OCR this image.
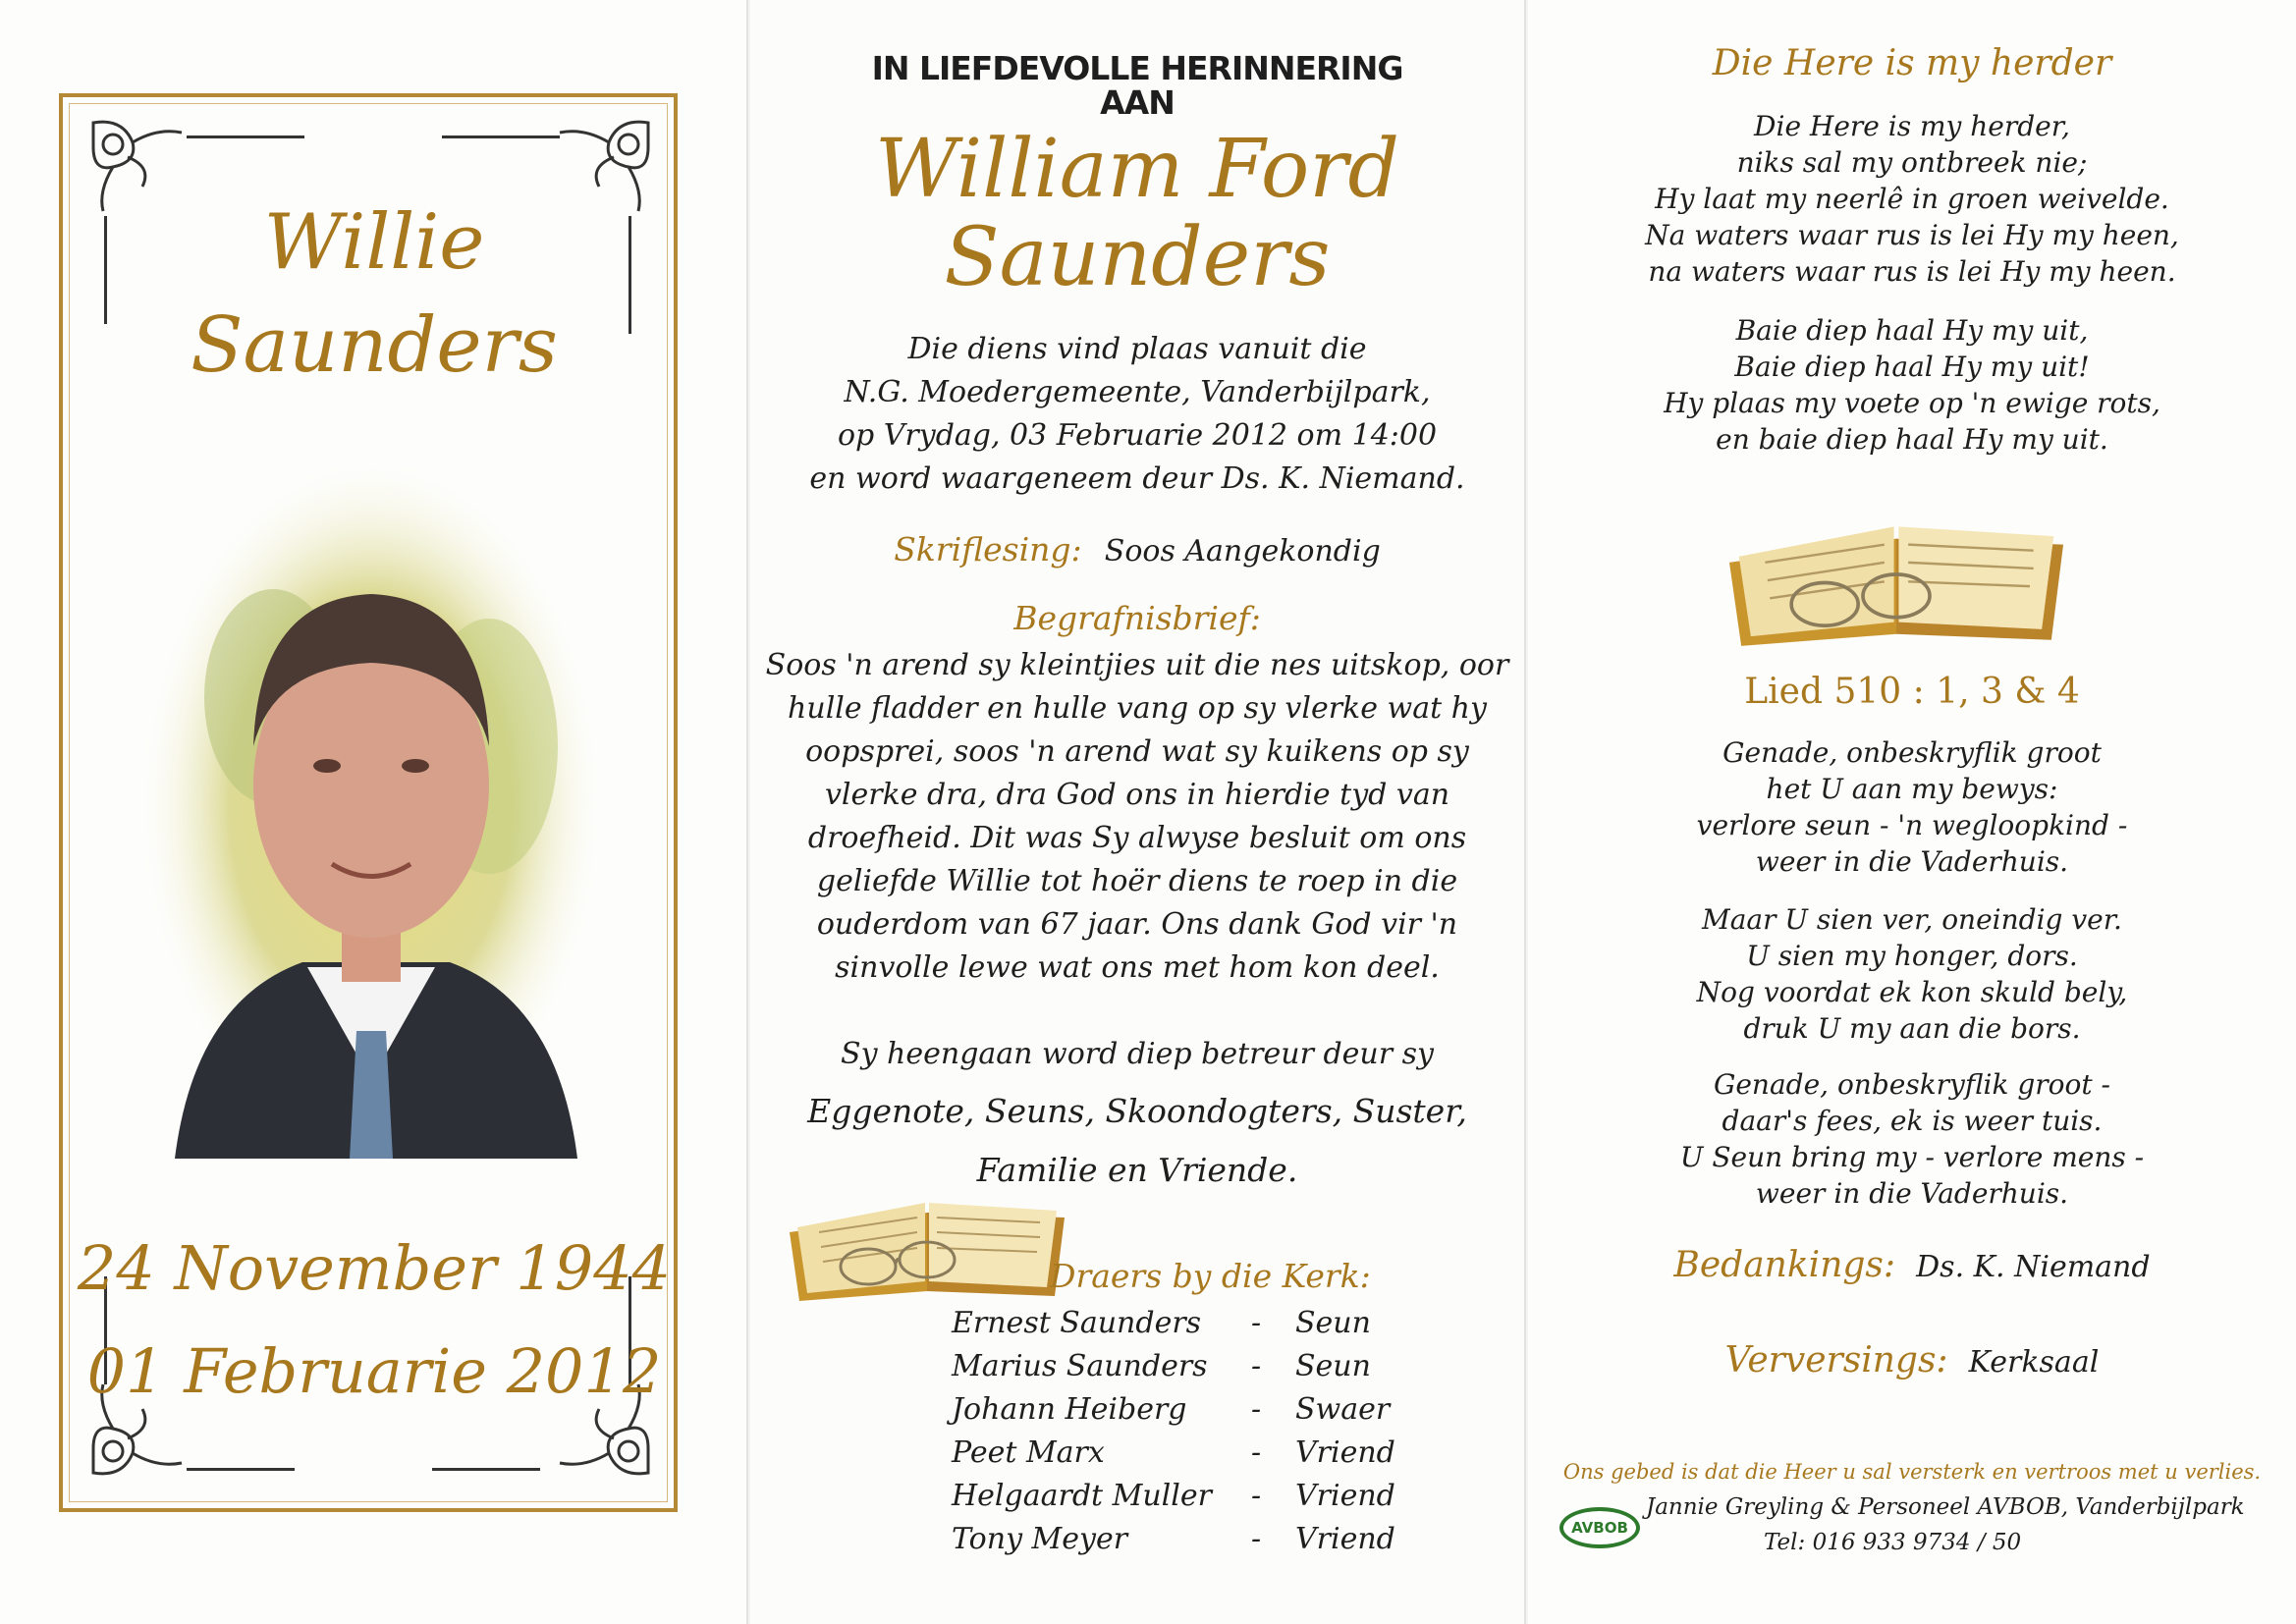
Willie
Saunders
24 November 1944
01 Februarie 2012
IN LIEFDEVOLLE HERINNERING
AAN
William Ford
Saunders
Die diens vind plaas vanuit die
N.G. Moedergemeente, Vanderbijlpark,
op Vrydag, 03 Februarie 2012 om 14:00
en word waargeneem deur Ds. K. Niemand.
Skriflesing: Soos Aangekondig
Begrafnisbrief:
Soos 'n arend sy kleintjies uit die nes uitskop, oor
hulle fladder en hulle vang op sy vlerke wat hy
oopsprei, soos 'n arend wat sy kuikens op sy
vlerke dra, dra God ons in hierdie tyd van
droefheid. Dit was Sy alwyse besluit om ons
geliefde Willie tot hoër diens te roep in die
ouderdom van 67 jaar. Ons dank God vir 'n
sinvolle lewe wat ons met hom kon deel.
Sy heengaan word diep betreur deur sy
Eggenote, Seuns, Skoondogters, Suster,
Familie en Vriende.
Draers by die Kerk:
Ernest Saunders - Seun
Marius Saunders - Seun
Johann Heiberg - Swaer
Peet Marx	- Vriend
Helgaardt Muller - Vriend
Tony Meyer	- Vriend
Die Here is my herder
Die Here is my herder,
niks sal my ontbreek nie;
Hy laat my neerlê in groen weivelde.
Na waters waar rus is lei Hy my heen,
na waters waar rus is lei Hy my heen.
Baie diep haal Hy my uit,
Baie diep haal Hy my uit!
Hy plaas my voete op 'n ewige rots,
en baie diep haal Hy my uit.
Lied 510 : 1, 3 & 4
Genade, onbeskryflik groot
het U aan my bewys:
verlore seun - 'n wegloopkind -
weer in die Vaderhuis.
Maar U sien ver, oneindig ver.
U sien my honger, dors.
Nog voordat ek kon skuld bely,
druk U my aan die bors.
Genade, onbeskryflik groot -
daar's fees, ek is weer tuis.
U Seun bring my - verlore mens -
weer in die Vaderhuis.
Bedankings: Ds. K. Niemand
Verversings: Kerksaal
Ons gebed is dat die Heer u sal versterk en vertroos met u verlies.
Jannie Greyling & Personeel AVBOB, Vanderbijlpark
Tel: 016 933 9734 / 50
AVBOB
